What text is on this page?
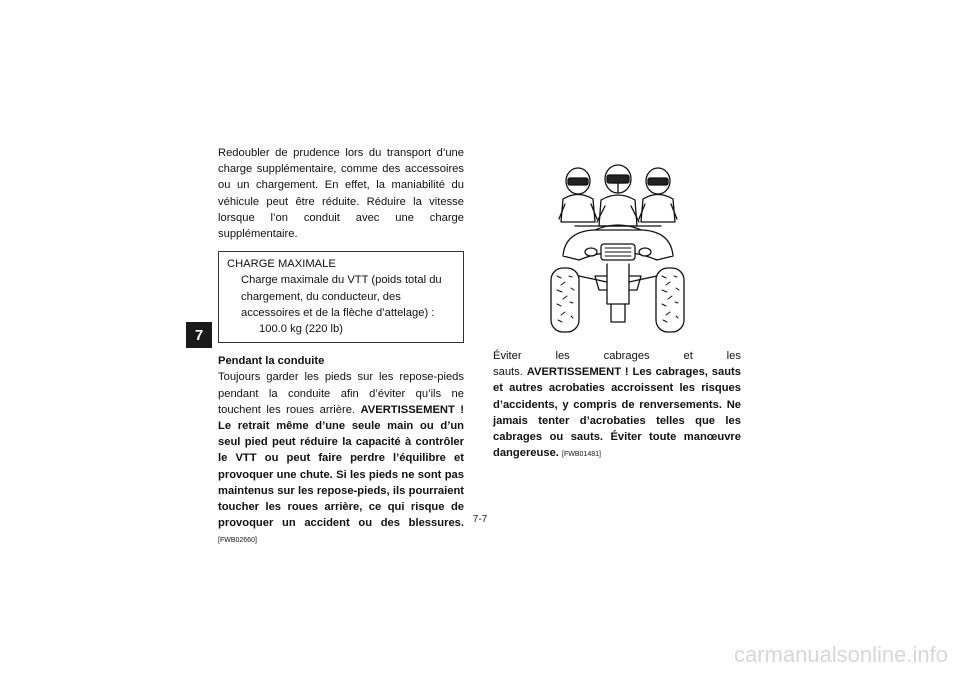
7

Redoubler de prudence lors du transport d’une charge supplémentaire, comme des accessoires ou un chargement. En effet, la maniabilité du véhicule peut être réduite. Réduire la vitesse lorsque l’on conduit avec une charge supplémentaire.

CHARGE MAXIMALE
Charge maximale du VTT (poids total du chargement, du conducteur, des accessoires et de la flèche d’attelage) :
100.0 kg (220 lb)
Pendant la conduite

Toujours garder les pieds sur les repose-pieds pendant la conduite afin d’éviter qu’ils ne touchent les roues arrière. AVERTISSEMENT ! Le retrait même d’une seule main ou d’un seul pied peut réduire la capacité à contrôler le VTT ou peut faire perdre l’équilibre et provoquer une chute. Si les pieds ne sont pas maintenus sur les repose-pieds, ils pourraient toucher les roues arrière, ce qui risque de provoquer un accident ou des blessures. [FWB02660]

Éviter les cabrages et les sauts. AVERTISSEMENT ! Les cabrages, sauts et autres acrobaties accroissent les risques d’accidents, y compris de renversements. Ne jamais tenter d’acrobaties telles que les cabrages ou sauts. Éviter toute manœuvre dangereuse. [FWB01481]

7-7
carmanualsonline.info
